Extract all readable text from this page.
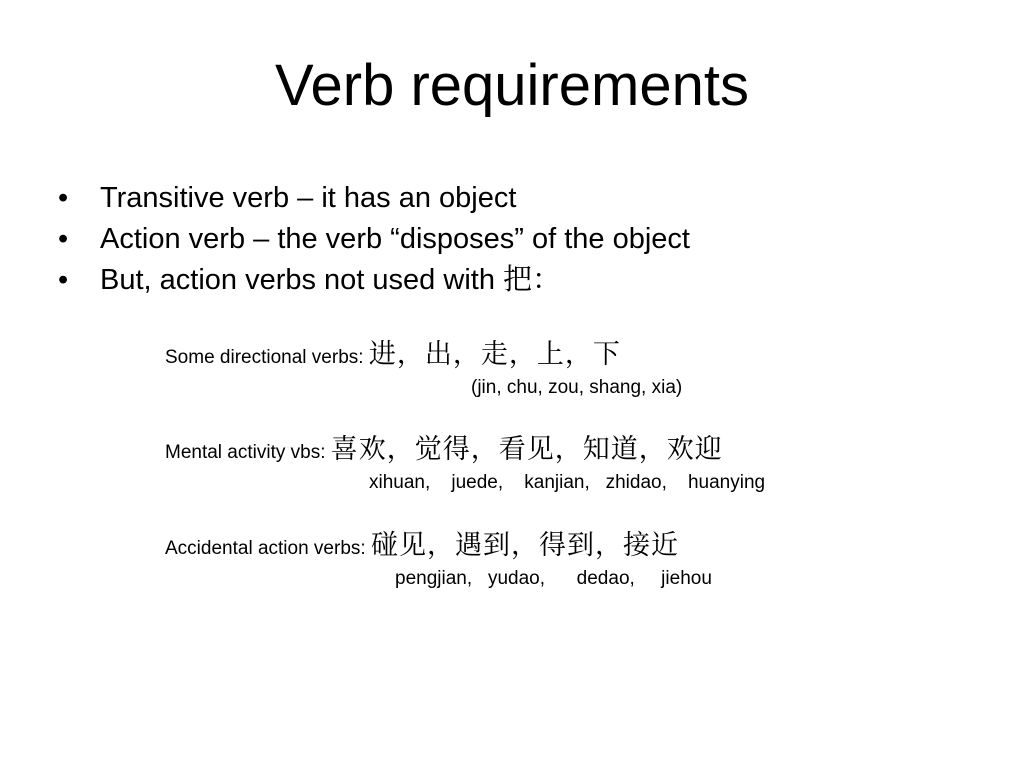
Verb requirements
• Transitive verb – it has an object
• Action verb – the verb “disposes” of the object
• But, action verbs not used with 把：
Some directional verbs: 进，出，走，上，下
(jin, chu, zou, shang, xia)
Mental activity vbs: 喜欢，觉得，看见，知道，欢迎
xihuan,    juede,    kanjian,   zhidao,    huanying
Accidental action verbs: 碰见，遇到，得到，接近
pengjian,   yudao,      dedao,     jiehou
